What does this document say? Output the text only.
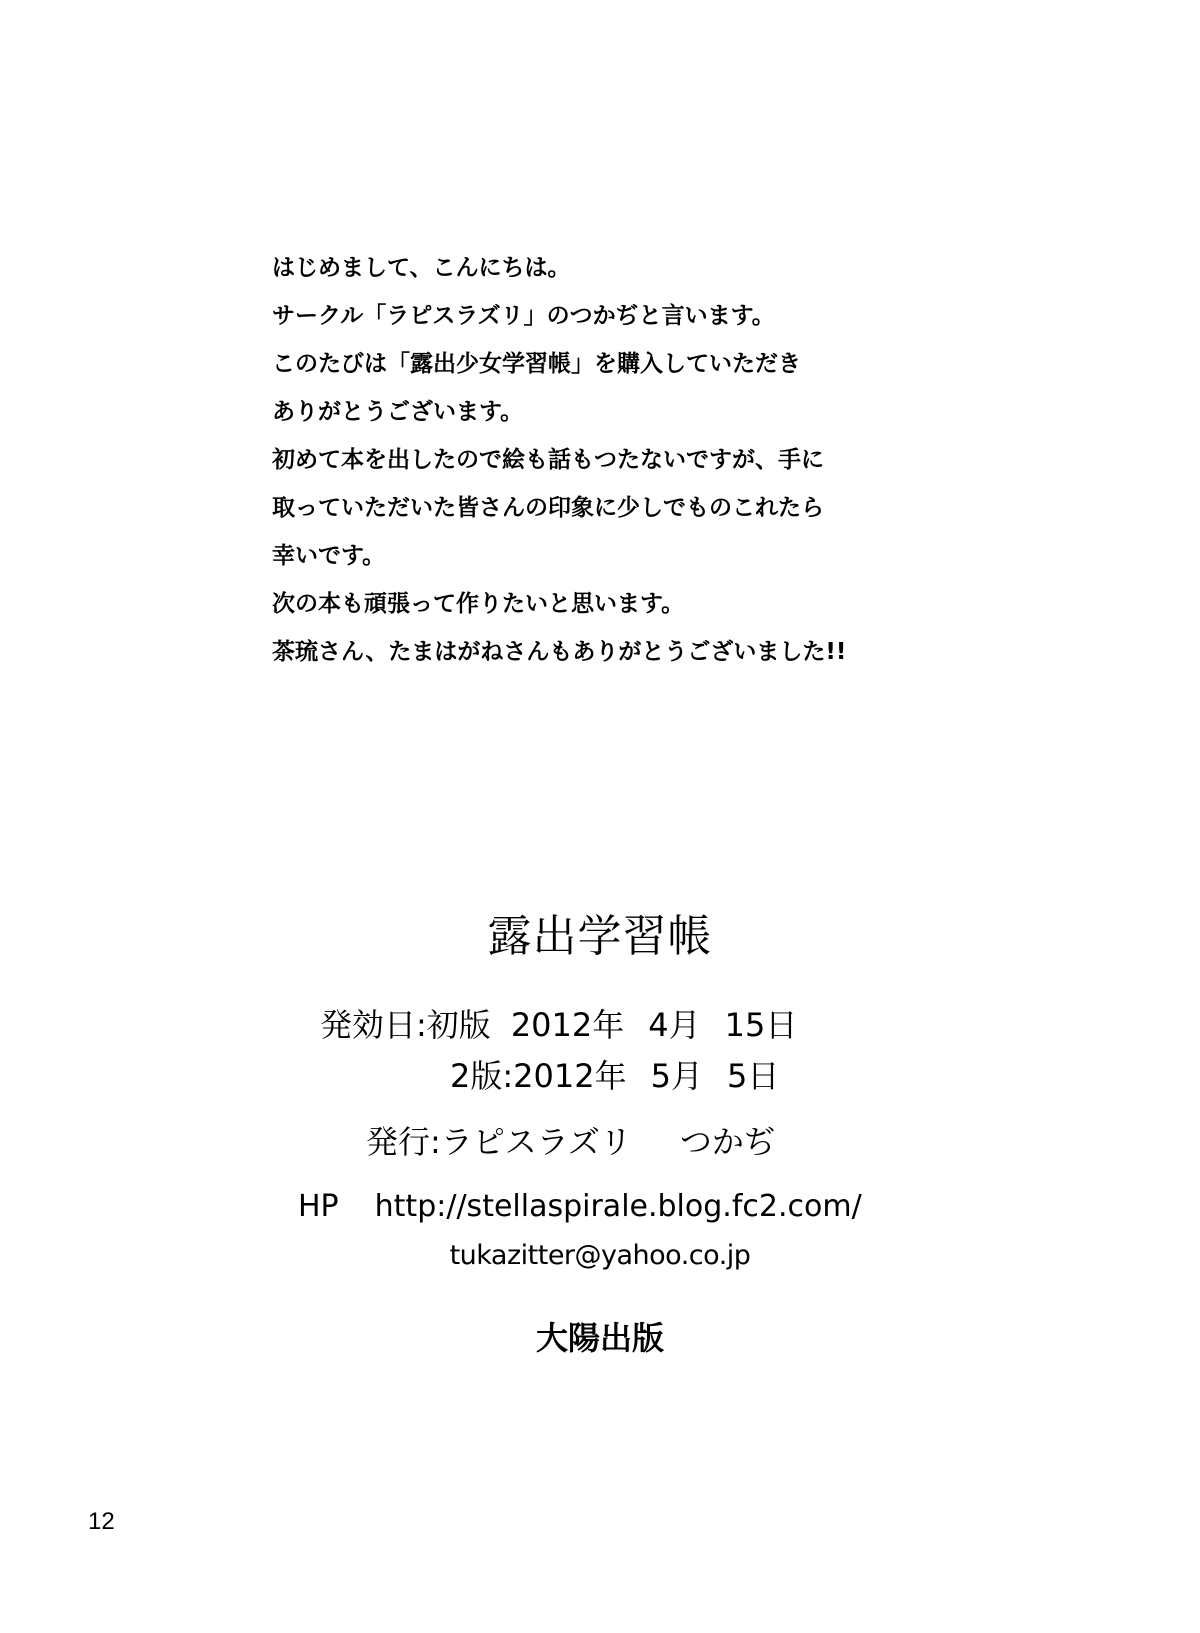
はじめまして、こんにちは。
サークル「ラピスラズリ」のつかぢと言います。
このたびは「露出少女学習帳」を購入していただき
ありがとうございます。
初めて本を出したので絵も話もつたないですが、手に
取っていただいた皆さんの印象に少しでものこれたら
幸いです。
次の本も頑張って作りたいと思います。
茶琉さん、たまはがねさんもありがとうございました!!
露出学習帳
発効日:初版 2012年 4月 15日
2版:2012年 5月 5日
発行:ラピスラズリ つかぢ
HP http://stellaspirale.blog.fc2.com/
tukazitter@yahoo.co.jp
大陽出版
12
